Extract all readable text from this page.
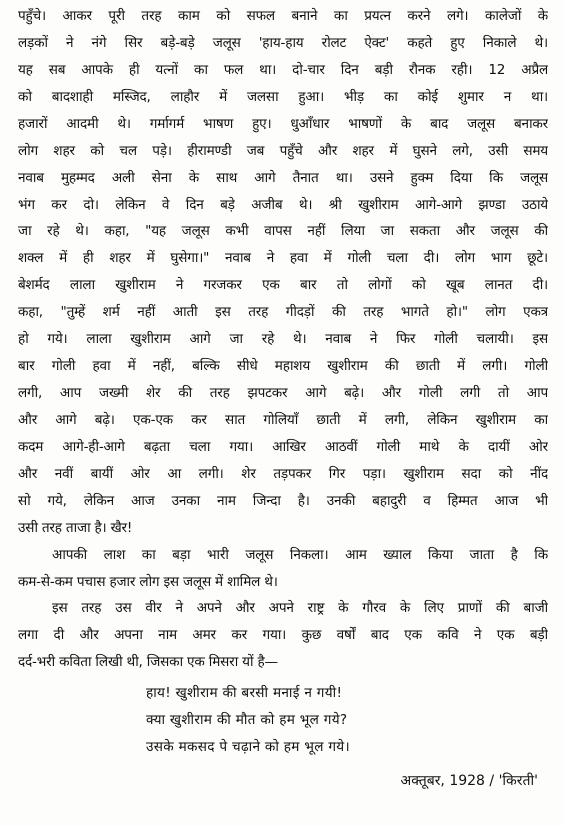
पहुँचे। आकर पूरी तरह काम को सफल बनाने का प्रयत्न करने लगे। कालेजों के
लड़कों ने नंगे सिर बड़े-बड़े जलूस 'हाय-हाय रोलट ऐक्ट' कहते हुए निकाले थे।
यह सब आपके ही यत्नों का फल था। दो-चार दिन बड़ी रौनक रही। 12 अप्रैल
को बादशाही मस्जिद, लाहौर में जलसा हुआ। भीड़ का कोई शुमार न था।
हजारों आदमी थे। गर्मागर्म भाषण हुए। धुआँधार भाषणों के बाद जलूस बनाकर
लोग शहर को चल पड़े। हीरामण्डी जब पहुँचे और शहर में घुसने लगे, उसी समय
नवाब मुहम्मद अली सेना के साथ आगे तैनात था। उसने हुक्म दिया कि जलूस
भंग कर दो। लेकिन वे दिन बड़े अजीब थे। श्री खुशीराम आगे-आगे झण्डा उठाये
जा रहे थे। कहा, "यह जलूस कभी वापस नहीं लिया जा सकता और जलूस की
शक्ल में ही शहर में घुसेगा।" नवाब ने हवा में गोली चला दी। लोग भाग छूटे।
बेशर्मद लाला खुशीराम ने गरजकर एक बार तो लोगों को खूब लानत दी।
कहा, "तुम्हें शर्म नहीं आती इस तरह गीदड़ों की तरह भागते हो।" लोग एकत्र
हो गये। लाला खुशीराम आगे जा रहे थे। नवाब ने फिर गोली चलायी। इस
बार गोली हवा में नहीं, बल्कि सीधे महाशय खुशीराम की छाती में लगी। गोली
लगी, आप जख्मी शेर की तरह झपटकर आगे बढ़े। और गोली लगी तो आप
और आगे बढ़े। एक-एक कर सात गोलियाँ छाती में लगी, लेकिन खुशीराम का
कदम आगे-ही-आगे बढ़ता चला गया। आखिर आठवीं गोली माथे के दायीं ओर
और नवीं बायीं ओर आ लगी। शेर तड़पकर गिर पड़ा। खुशीराम सदा को नींद
सो गये, लेकिन आज उनका नाम जिन्दा है। उनकी बहादुरी व हिम्मत आज भी
उसी तरह ताजा है। खैर!
आपकी लाश का बड़ा भारी जलूस निकला। आम ख्याल किया जाता है कि
कम-से-कम पचास हजार लोग इस जलूस में शामिल थे।
इस तरह उस वीर ने अपने और अपने राष्ट्र के गौरव के लिए प्राणों की बाजी
लगा दी और अपना नाम अमर कर गया। कुछ वर्षों बाद एक कवि ने एक बड़ी
दर्द-भरी कविता लिखी थी, जिसका एक मिसरा यों है—
हाय! खुशीराम की बरसी मनाई न गयी!
क्या खुशीराम की मौत को हम भूल गये?
उसके मकसद पे चढ़ाने को हम भूल गये।
अक्तूबर, 1928 / 'किरती'
